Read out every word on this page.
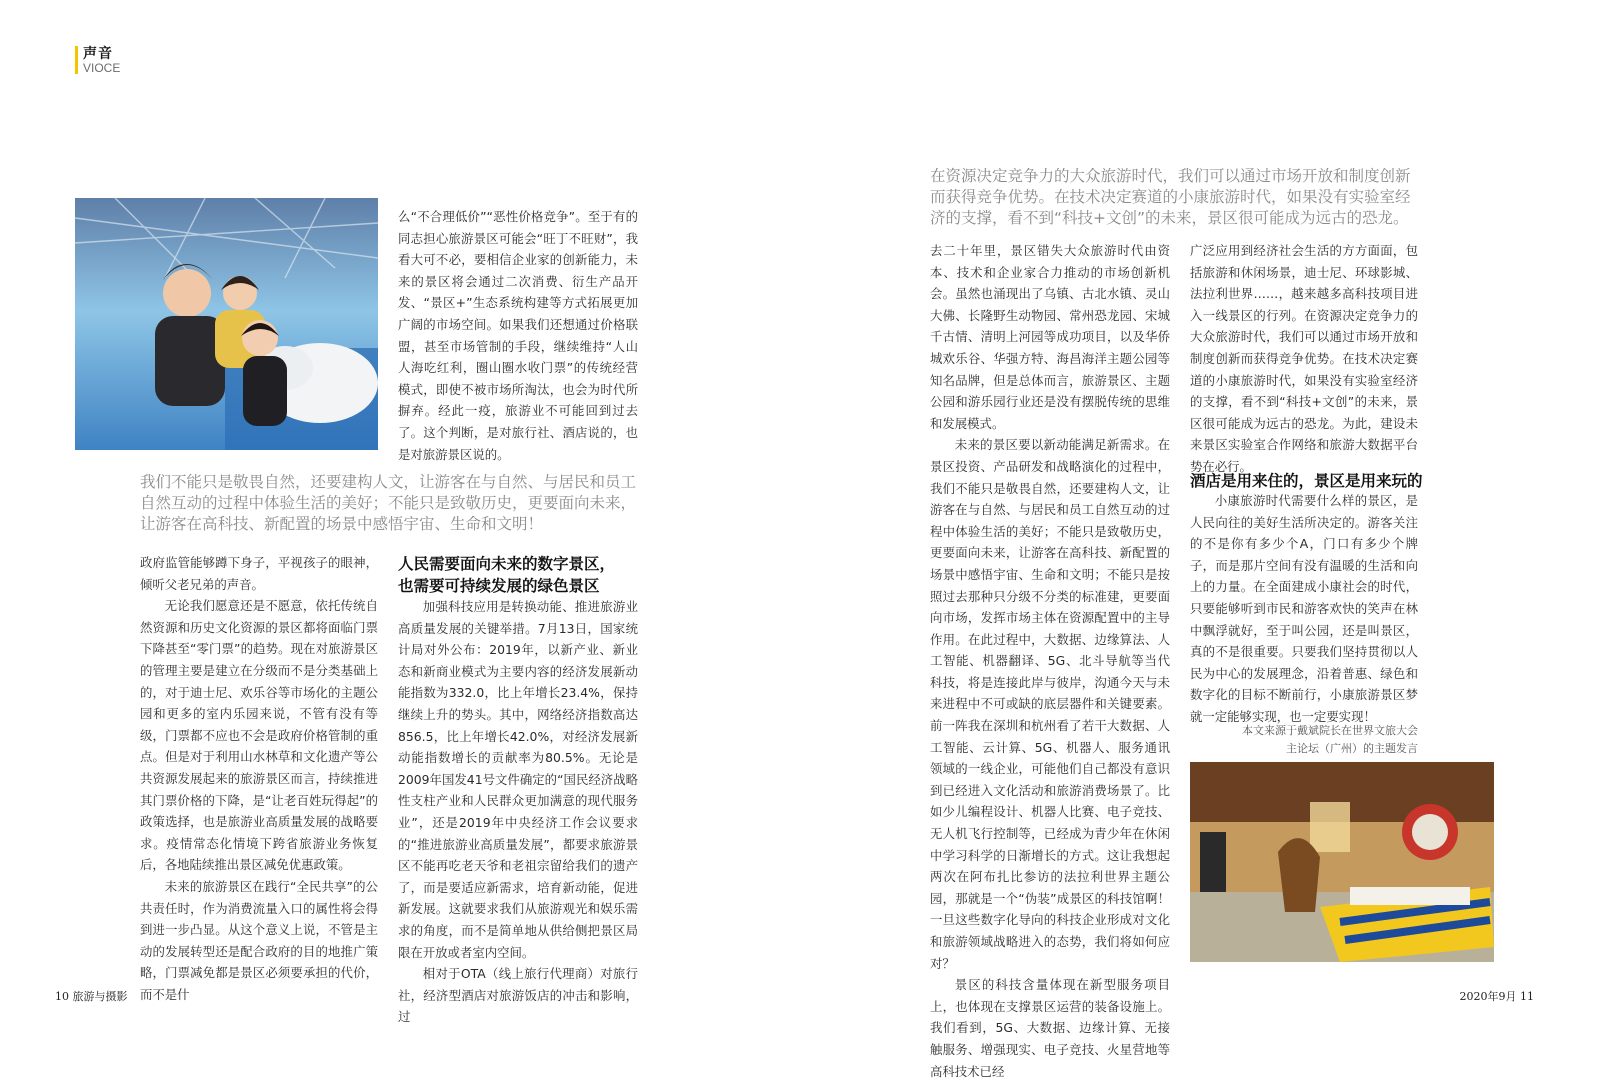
声音
VIOCE

么“不合理低价”“恶性价格竞争”。至于有的同志担心旅游景区可能会“旺丁不旺财”，我看大可不必，要相信企业家的创新能力，未来的景区将会通过二次消费、衍生产品开发、“景区+”生态系统构建等方式拓展更加广阔的市场空间。如果我们还想通过价格联盟，甚至市场管制的手段，继续维持“人山人海吃红利，圈山圈水收门票”的传统经营模式，即使不被市场所淘汰，也会为时代所摒弃。经此一疫，旅游业不可能回到过去了。这个判断，是对旅行社、酒店说的，也是对旅游景区说的。

我们不能只是敬畏自然，还要建构人文，让游客在与自然、与居民和员工自然互动的过程中体验生活的美好；不能只是致敬历史，更要面向未来，让游客在高科技、新配置的场景中感悟宇宙、生命和文明！

政府监管能够蹲下身子，平视孩子的眼神，倾听父老兄弟的声音。

无论我们愿意还是不愿意，依托传统自然资源和历史文化资源的景区都将面临门票下降甚至“零门票”的趋势。现在对旅游景区的管理主要是建立在分级而不是分类基础上的，对于迪士尼、欢乐谷等市场化的主题公园和更多的室内乐园来说，不管有没有等级，门票都不应也不会是政府价格管制的重点。但是对于利用山水林草和文化遗产等公共资源发展起来的旅游景区而言，持续推进其门票价格的下降，是“让老百姓玩得起”的政策选择，也是旅游业高质量发展的战略要求。疫情常态化情境下跨省旅游业务恢复后，各地陆续推出景区减免优惠政策。

未来的旅游景区在践行“全民共享”的公共责任时，作为消费流量入口的属性将会得到进一步凸显。从这个意义上说，不管是主动的发展转型还是配合政府的目的地推广策略，门票减免都是景区必须要承担的代价，而不是什

人民需要面向未来的数字景区，
也需要可持续发展的绿色景区

加强科技应用是转换动能、推进旅游业高质量发展的关键举措。7月13日，国家统计局对外公布：2019年，以新产业、新业态和新商业模式为主要内容的经济发展新动能指数为332.0，比上年增长23.4%，保持继续上升的势头。其中，网络经济指数高达856.5，比上年增长42.0%，对经济发展新动能指数增长的贡献率为80.5%。无论是2009年国发41号文件确定的“国民经济战略性支柱产业和人民群众更加满意的现代服务业”，还是2019年中央经济工作会议要求的“推进旅游业高质量发展”，都要求旅游景区不能再吃老天爷和老祖宗留给我们的遗产了，而是要适应新需求，培育新动能，促进新发展。这就要求我们从旅游观光和娱乐需求的角度，而不是简单地从供给侧把景区局限在开放或者室内空间。

相对于OTA（线上旅行代理商）对旅行社，经济型酒店对旅游饭店的冲击和影响，过

在资源决定竞争力的大众旅游时代，我们可以通过市场开放和制度创新而获得竞争优势。在技术决定赛道的小康旅游时代，如果没有实验室经济的支撑，看不到“科技+文创”的未来，景区很可能成为远古的恐龙。

去二十年里，景区错失大众旅游时代由资本、技术和企业家合力推动的市场创新机会。虽然也涌现出了乌镇、古北水镇、灵山大佛、长隆野生动物园、常州恐龙园、宋城千古情、清明上河园等成功项目，以及华侨城欢乐谷、华强方特、海昌海洋主题公园等知名品牌，但是总体而言，旅游景区、主题公园和游乐园行业还是没有摆脱传统的思维和发展模式。

未来的景区要以新动能满足新需求。在景区投资、产品研发和战略演化的过程中，我们不能只是敬畏自然，还要建构人文，让游客在与自然、与居民和员工自然互动的过程中体验生活的美好；不能只是致敬历史，更要面向未来，让游客在高科技、新配置的场景中感悟宇宙、生命和文明；不能只是按照过去那种只分级不分类的标准建，更要面向市场，发挥市场主体在资源配置中的主导作用。在此过程中，大数据、边缘算法、人工智能、机器翻译、5G、北斗导航等当代科技，将是连接此岸与彼岸，沟通今天与未来进程中不可或缺的底层器件和关键要素。前一阵我在深圳和杭州看了若干大数据、人工智能、云计算、5G、机器人、服务通讯领域的一线企业，可能他们自己都没有意识到已经进入文化活动和旅游消费场景了。比如少儿编程设计、机器人比赛、电子竞技、无人机飞行控制等，已经成为青少年在休闲中学习科学的日渐增长的方式。这让我想起两次在阿布扎比参访的法拉利世界主题公园，那就是一个“伪装”成景区的科技馆啊！一旦这些数字化导向的科技企业形成对文化和旅游领域战略进入的态势，我们将如何应对？

景区的科技含量体现在新型服务项目上，也体现在支撑景区运营的装备设施上。我们看到，5G、大数据、边缘计算、无接触服务、增强现实、电子竞技、火星营地等高科技术已经

广泛应用到经济社会生活的方方面面，包括旅游和休闲场景，迪士尼、环球影城、法拉利世界……，越来越多高科技项目进入一线景区的行列。在资源决定竞争力的大众旅游时代，我们可以通过市场开放和制度创新而获得竞争优势。在技术决定赛道的小康旅游时代，如果没有实验室经济的支撑，看不到“科技+文创”的未来，景区很可能成为远古的恐龙。为此，建设未来景区实验室合作网络和旅游大数据平台势在必行。

酒店是用来住的，景区是用来玩的

小康旅游时代需要什么样的景区，是人民向往的美好生活所决定的。游客关注的不是你有多少个A，门口有多少个牌子，而是那片空间有没有温暖的生活和向上的力量。在全面建成小康社会的时代，只要能够听到市民和游客欢快的笑声在林中飘浮就好，至于叫公园，还是叫景区，真的不是很重要。只要我们坚持贯彻以人民为中心的发展理念，沿着普惠、绿色和数字化的目标不断前行，小康旅游景区梦就一定能够实现，也一定要实现！

本文来源于戴斌院长在世界文旅大会
主论坛（广州）的主题发言
10 旅游与摄影	2020年9月 11
